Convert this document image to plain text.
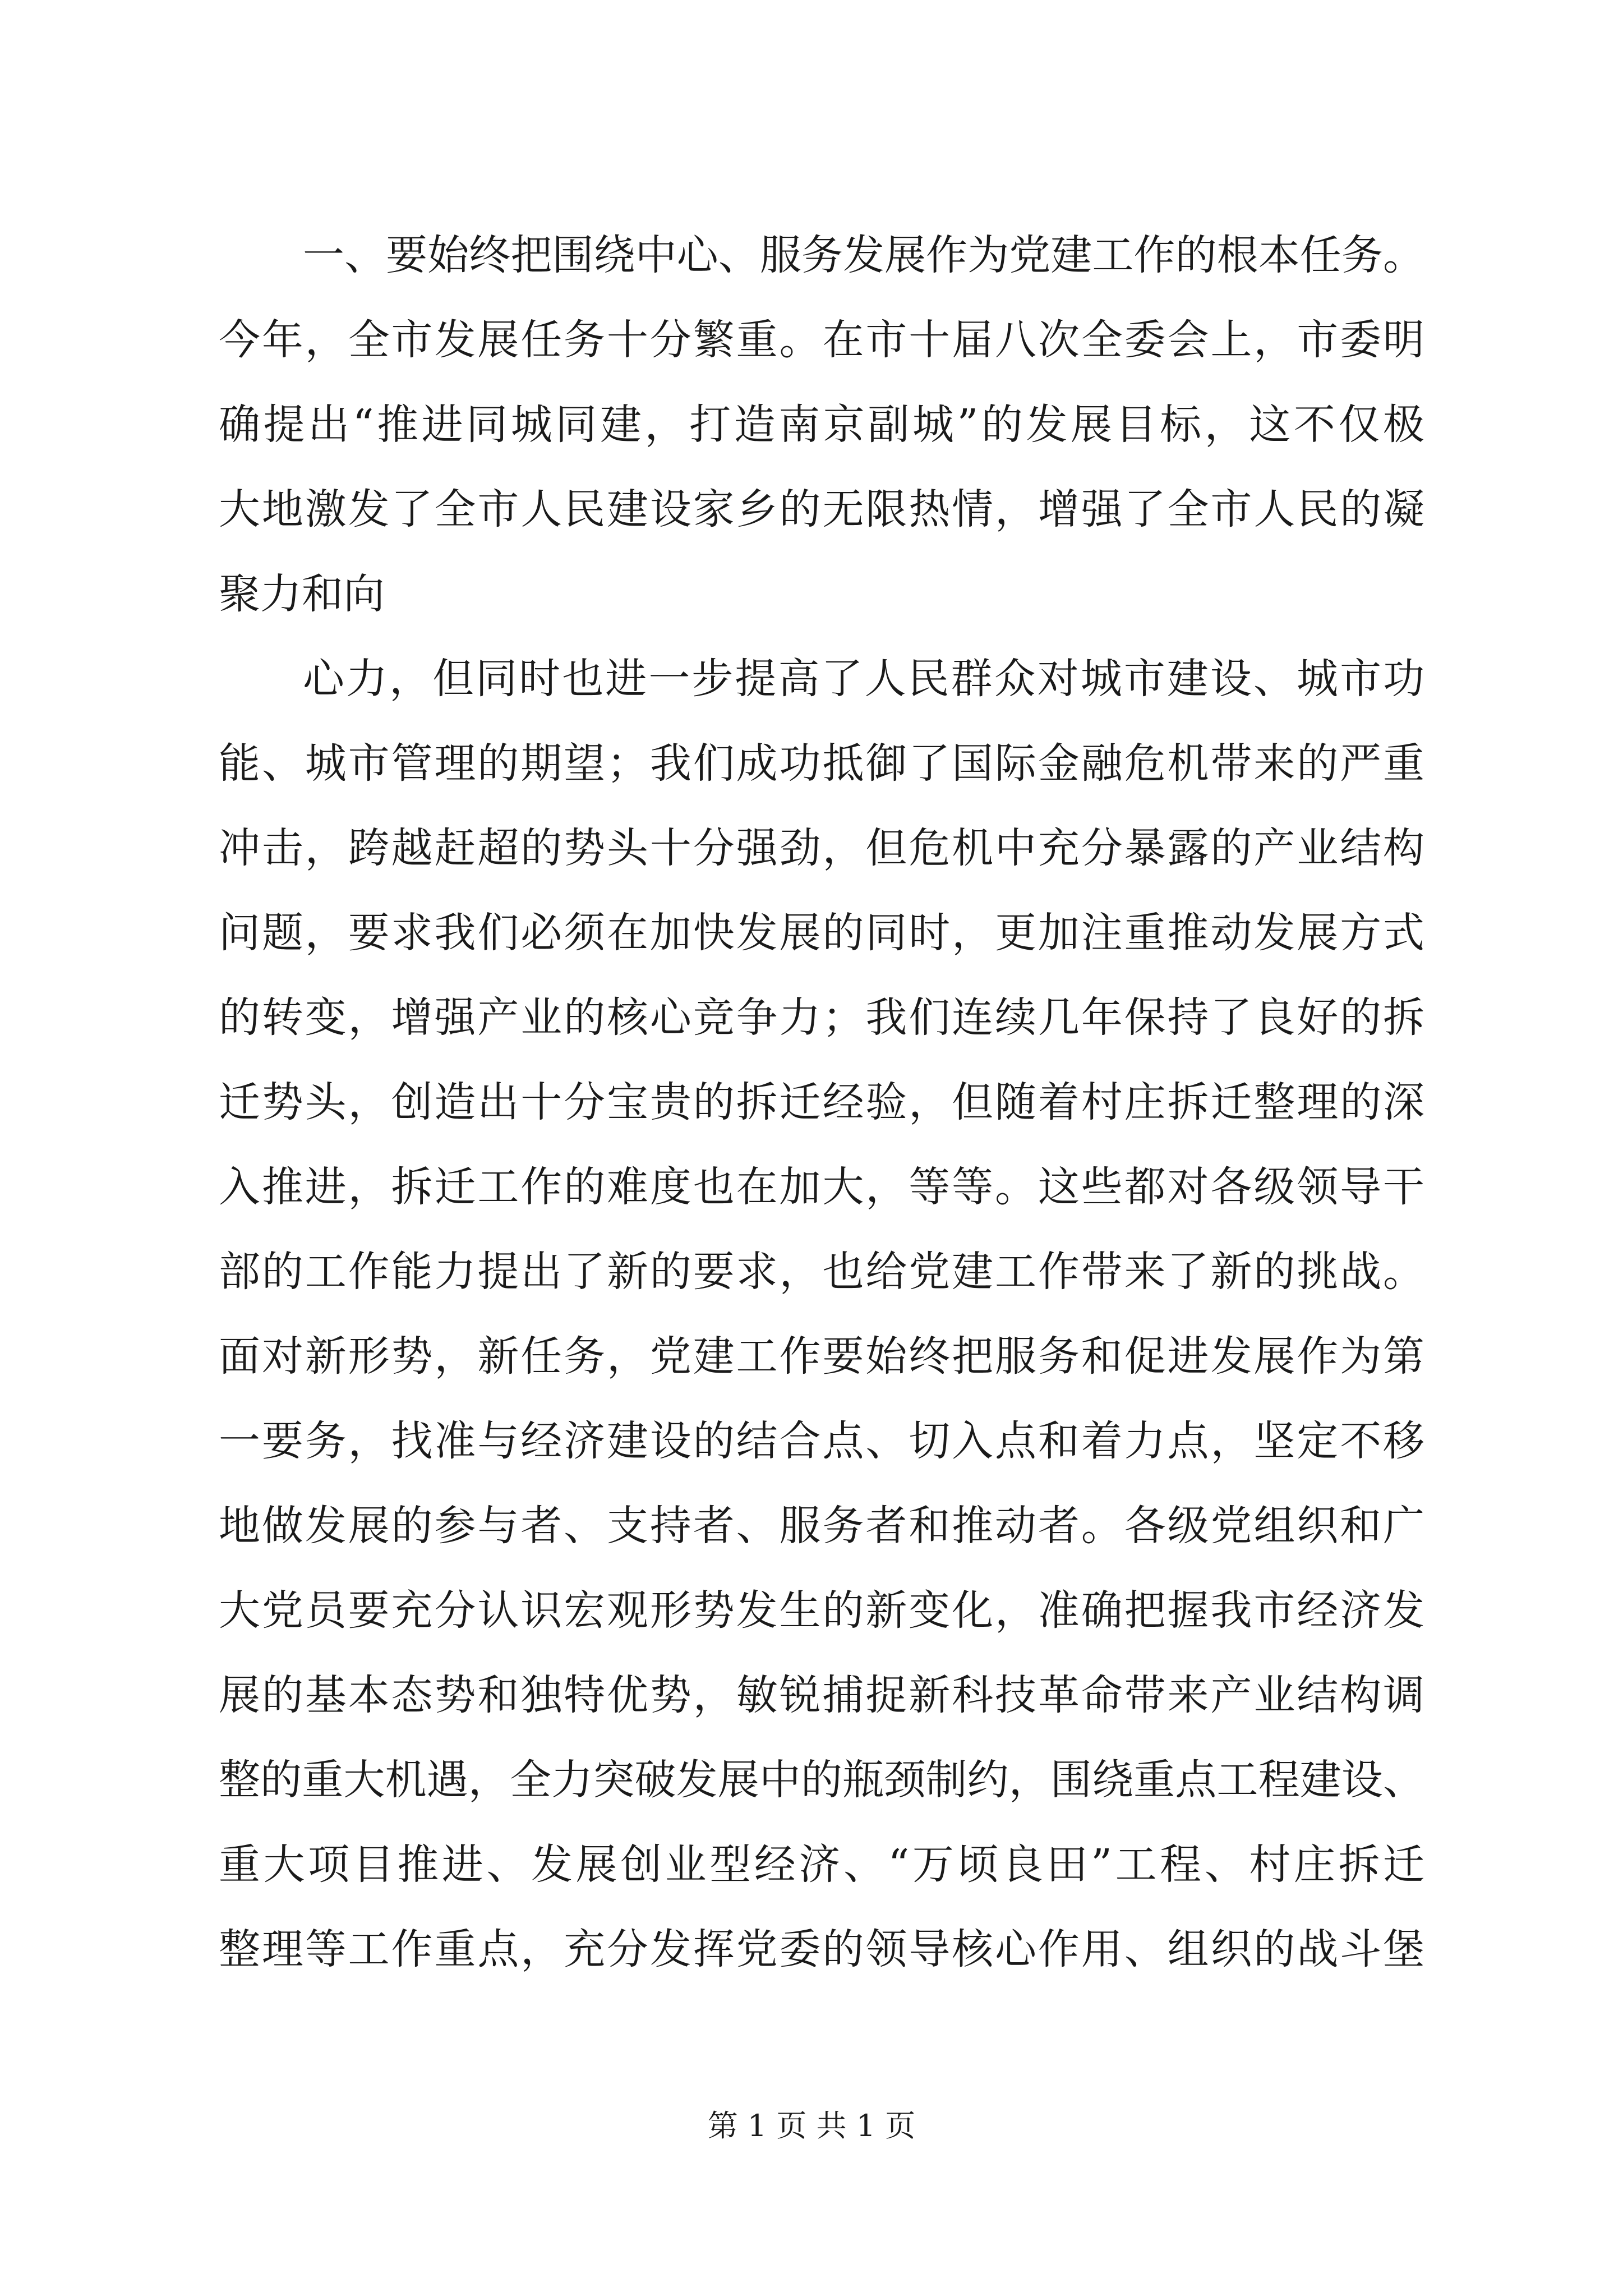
一、要始终把围绕中心、服务发展作为党建工作的根本任务。
今年，全市发展任务十分繁重。在市十届八次全委会上，市委明
确提出“推进同城同建，打造南京副城”的发展目标，这不仅极
大地激发了全市人民建设家乡的无限热情，增强了全市人民的凝
聚力和向
心力，但同时也进一步提高了人民群众对城市建设、城市功
能、城市管理的期望；我们成功抵御了国际金融危机带来的严重
冲击，跨越赶超的势头十分强劲，但危机中充分暴露的产业结构
问题，要求我们必须在加快发展的同时，更加注重推动发展方式
的转变，增强产业的核心竞争力；我们连续几年保持了良好的拆
迁势头，创造出十分宝贵的拆迁经验，但随着村庄拆迁整理的深
入推进，拆迁工作的难度也在加大，等等。这些都对各级领导干
部的工作能力提出了新的要求，也给党建工作带来了新的挑战。
面对新形势，新任务，党建工作要始终把服务和促进发展作为第
一要务，找准与经济建设的结合点、切入点和着力点，坚定不移
地做发展的参与者、支持者、服务者和推动者。各级党组织和广
大党员要充分认识宏观形势发生的新变化，准确把握我市经济发
展的基本态势和独特优势，敏锐捕捉新科技革命带来产业结构调
整的重大机遇，全力突破发展中的瓶颈制约，围绕重点工程建设、
重大项目推进、发展创业型经济、“万顷良田”工程、村庄拆迁
整理等工作重点，充分发挥党委的领导核心作用、组织的战斗堡
第 1 页 共 1 页
